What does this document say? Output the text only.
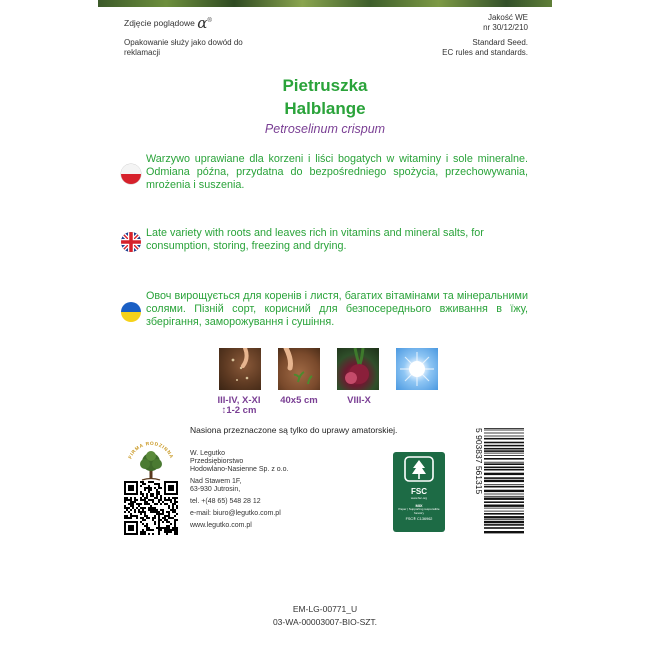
Zdjęcie poglądowe α®	Jakość WE
nr 30/12/210
Opakowanie służy jako dowód do reklamacji
Standard Seed.
EC rules and standards.
Pietruszka
Halblange
Petroselinum crispum
Warzywo uprawiane dla korzeni i liści bogatych w witaminy i sole mineralne. Odmiana późna, przydatna do bezpośredniego spożycia, przechowywania, mrożenia i suszenia.
Late variety with roots and leaves rich in vitamins and mineral salts, for consumption, storing, freezing and drying.
Овоч вирощується для коренів і листя, багатих вітамінами та мінеральними солями. Пізній сорт, корисний для безпосереднього вживання в їжу, зберігання, заморожування і сушіння.
III-IV, X-XI
↕1-2 cm
40x5 cm	VIII-X
Nasiona przeznaczone są tylko do uprawy amatorskiej.
FIRMA RODZINNA W. Legutko
Przedsiębiorstwo
Hodowlano-Nasienne Sp. z o.o.
Nad Stawem 1F,
63-930 Jutrosin,
tel. +(48 65) 548 28 12
e-mail: biuro@legutko.com.pl
www.legutko.com.pl
FSC
www.fsc.org
MIX
Paper | Supporting responsible forestry
FSC® C136962
5 903837 561315
EM-LG-00771_U
03-WA-00003007-BIO-SZT.
